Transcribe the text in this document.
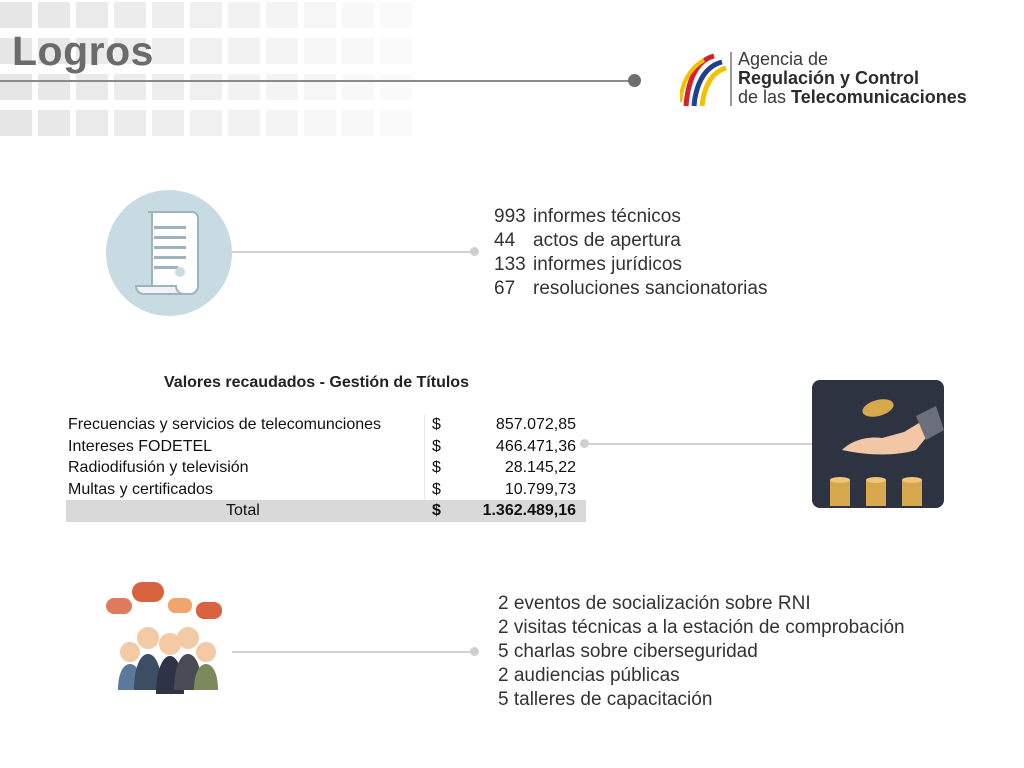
Logros	Agencia de
Regulación y Control
de las Telecomunicaciones
993 informes técnicos
44 actos de apertura
133 informes jurídicos
67 resoluciones sancionatorias
Valores recaudados - Gestión de Títulos
Frecuencias y servicios de telecomunciones	$	857.072,85
Intereses FODETEL	$	466.471,36
Radiodifusión y televisión	$	28.145,22
Multas y certificados	$	10.799,73
Total	$	1.362.489,16
2 eventos de socialización sobre RNI
2 visitas técnicas a la estación de comprobación
5 charlas sobre ciberseguridad
2 audiencias públicas
5 talleres de capacitación
